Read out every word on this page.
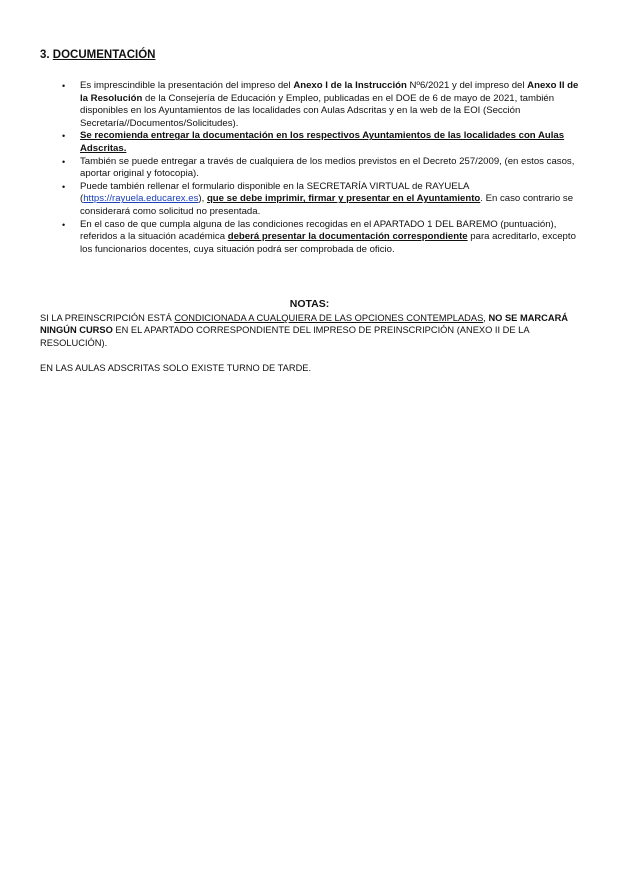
3. DOCUMENTACIÓN
• Es imprescindible la presentación del impreso del Anexo I de la Instrucción Nº6/2021 y del impreso del Anexo II de la Resolución de la Consejería de Educación y Empleo, publicadas en el DOE de 6 de mayo de 2021, también disponibles en los Ayuntamientos de las localidades con Aulas Adscritas y en la web de la EOI (Sección Secretaría//Documentos/Solicitudes).
• Se recomienda entregar la documentación en los respectivos Ayuntamientos de las localidades con Aulas Adscritas.
• También se puede entregar a través de cualquiera de los medios previstos en el Decreto 257/2009, (en estos casos, aportar original y fotocopia).
• Puede también rellenar el formulario disponible en la SECRETARÍA VIRTUAL de RAYUELA (https://rayuela.educarex.es), que se debe imprimir, firmar y presentar en el Ayuntamiento. En caso contrario se considerará como solicitud no presentada.
• En el caso de que cumpla alguna de las condiciones recogidas en el APARTADO 1 DEL BAREMO (puntuación), referidos a la situación académica deberá presentar la documentación correspondiente para acreditarlo, excepto los funcionarios docentes, cuya situación podrá ser comprobada de oficio.
NOTAS:

SI LA PREINSCRIPCIÓN ESTÁ CONDICIONADA A CUALQUIERA DE LAS OPCIONES CONTEMPLADAS, NO SE MARCARÁ NINGÚN CURSO EN EL APARTADO CORRESPONDIENTE DEL IMPRESO DE PREINSCRIPCIÓN (ANEXO II DE LA RESOLUCIÓN).

EN LAS AULAS ADSCRITAS SOLO EXISTE TURNO DE TARDE.
